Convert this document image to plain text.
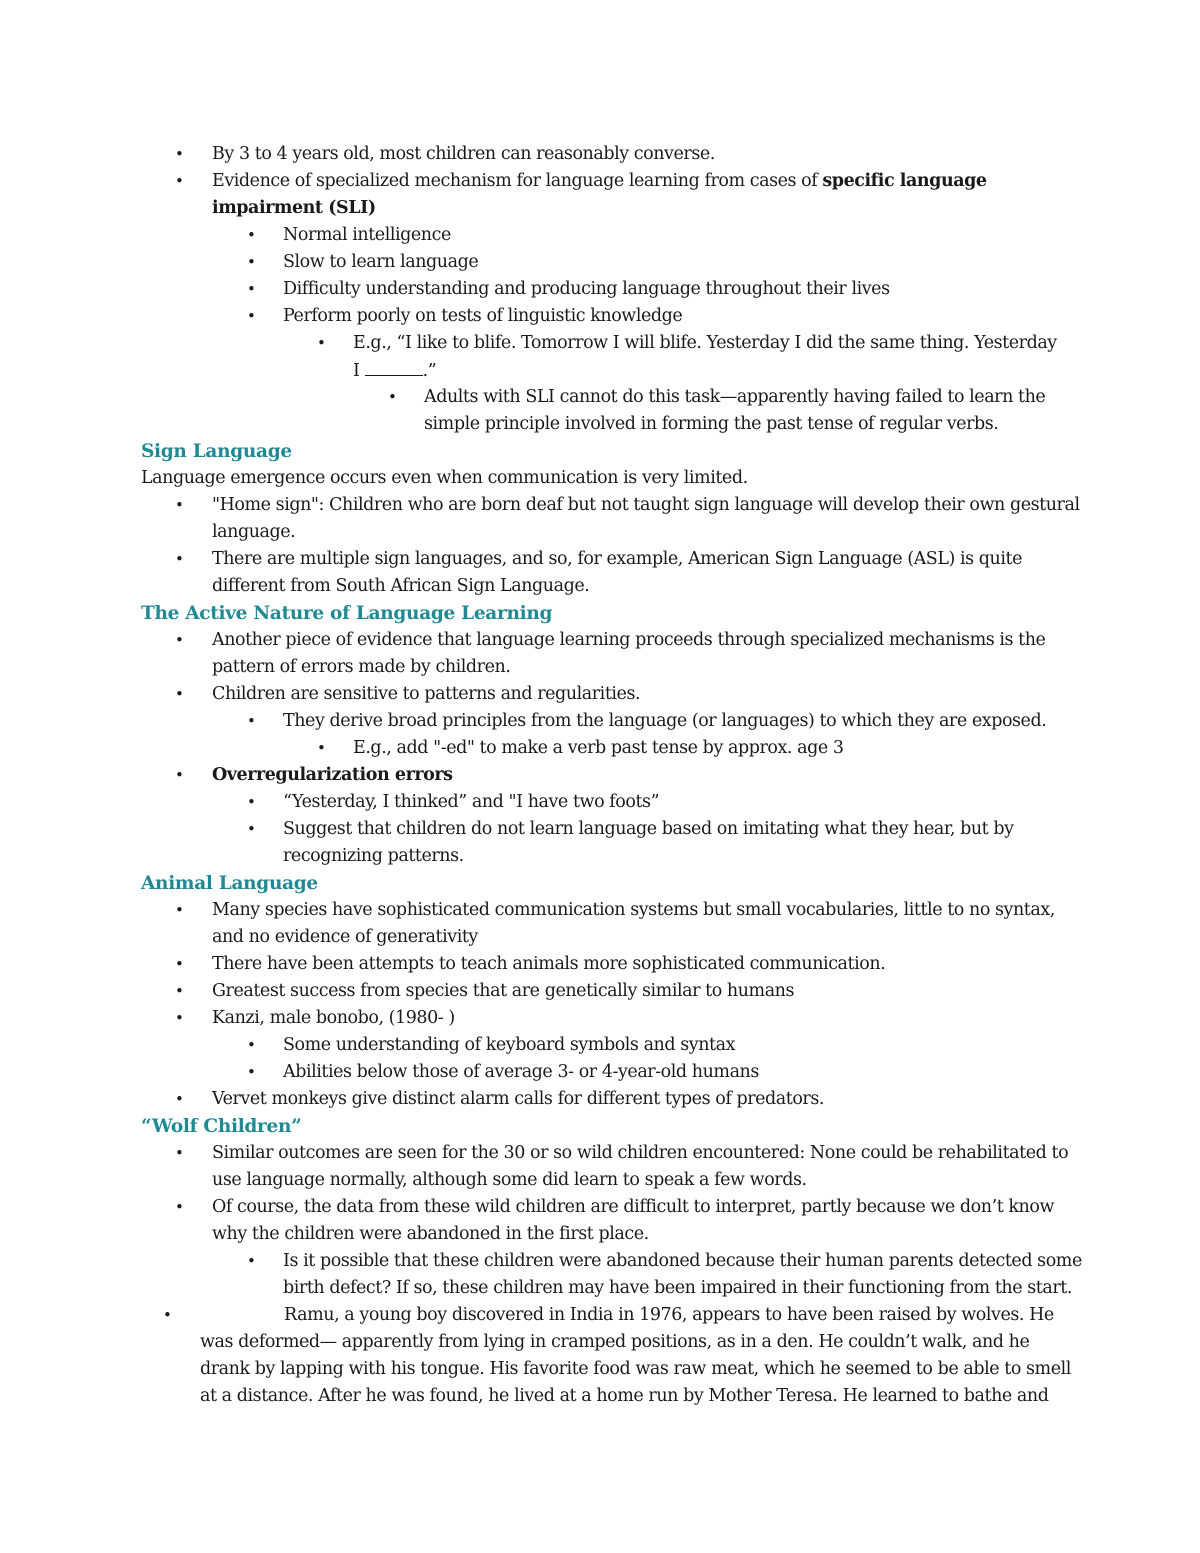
• By 3 to 4 years old, most children can reasonably converse.
• Evidence of specialized mechanism for language learning from cases of specific language
impairment (SLI)
• Normal intelligence
• Slow to learn language
• Difficulty understanding and producing language throughout their lives
• Perform poorly on tests of linguistic knowledge
• E.g., “I like to blife. Tomorrow I will blife. Yesterday I did the same thing. Yesterday
I	.”
• Adults with SLI cannot do this task—apparently having failed to learn the
simple principle involved in forming the past tense of regular verbs.
Sign Language
Language emergence occurs even when communication is very limited.
• "Home sign": Children who are born deaf but not taught sign language will develop their own gestural
language.
• There are multiple sign languages, and so, for example, American Sign Language (ASL) is quite
different from South African Sign Language.
The Active Nature of Language Learning
• Another piece of evidence that language learning proceeds through specialized mechanisms is the
pattern of errors made by children.
• Children are sensitive to patterns and regularities.
• They derive broad principles from the language (or languages) to which they are exposed.
• E.g., add "-ed" to make a verb past tense by approx. age 3
• Overregularization errors
• “Yesterday, I thinked” and "I have two foots”
• Suggest that children do not learn language based on imitating what they hear, but by
recognizing patterns.
Animal Language
• Many species have sophisticated communication systems but small vocabularies, little to no syntax,
and no evidence of generativity
• There have been attempts to teach animals more sophisticated communication.
• Greatest success from species that are genetically similar to humans
• Kanzi, male bonobo, (1980- )
• Some understanding of keyboard symbols and syntax
• Abilities below those of average 3- or 4-year-old humans
• Vervet monkeys give distinct alarm calls for different types of predators.
“Wolf Children”
• Similar outcomes are seen for the 30 or so wild children encountered: None could be rehabilitated to
use language normally, although some did learn to speak a few words.
• Of course, the data from these wild children are difficult to interpret, partly because we don’t know
why the children were abandoned in the first place.
• Is it possible that these children were abandoned because their human parents detected some
birth defect? If so, these children may have been impaired in their functioning from the start.
•	Ramu, a young boy discovered in India in 1976, appears to have been raised by wolves. He
was deformed— apparently from lying in cramped positions, as in a den. He couldn’t walk, and he
drank by lapping with his tongue. His favorite food was raw meat, which he seemed to be able to smell
at a distance. After he was found, he lived at a home run by Mother Teresa. He learned to bathe and
